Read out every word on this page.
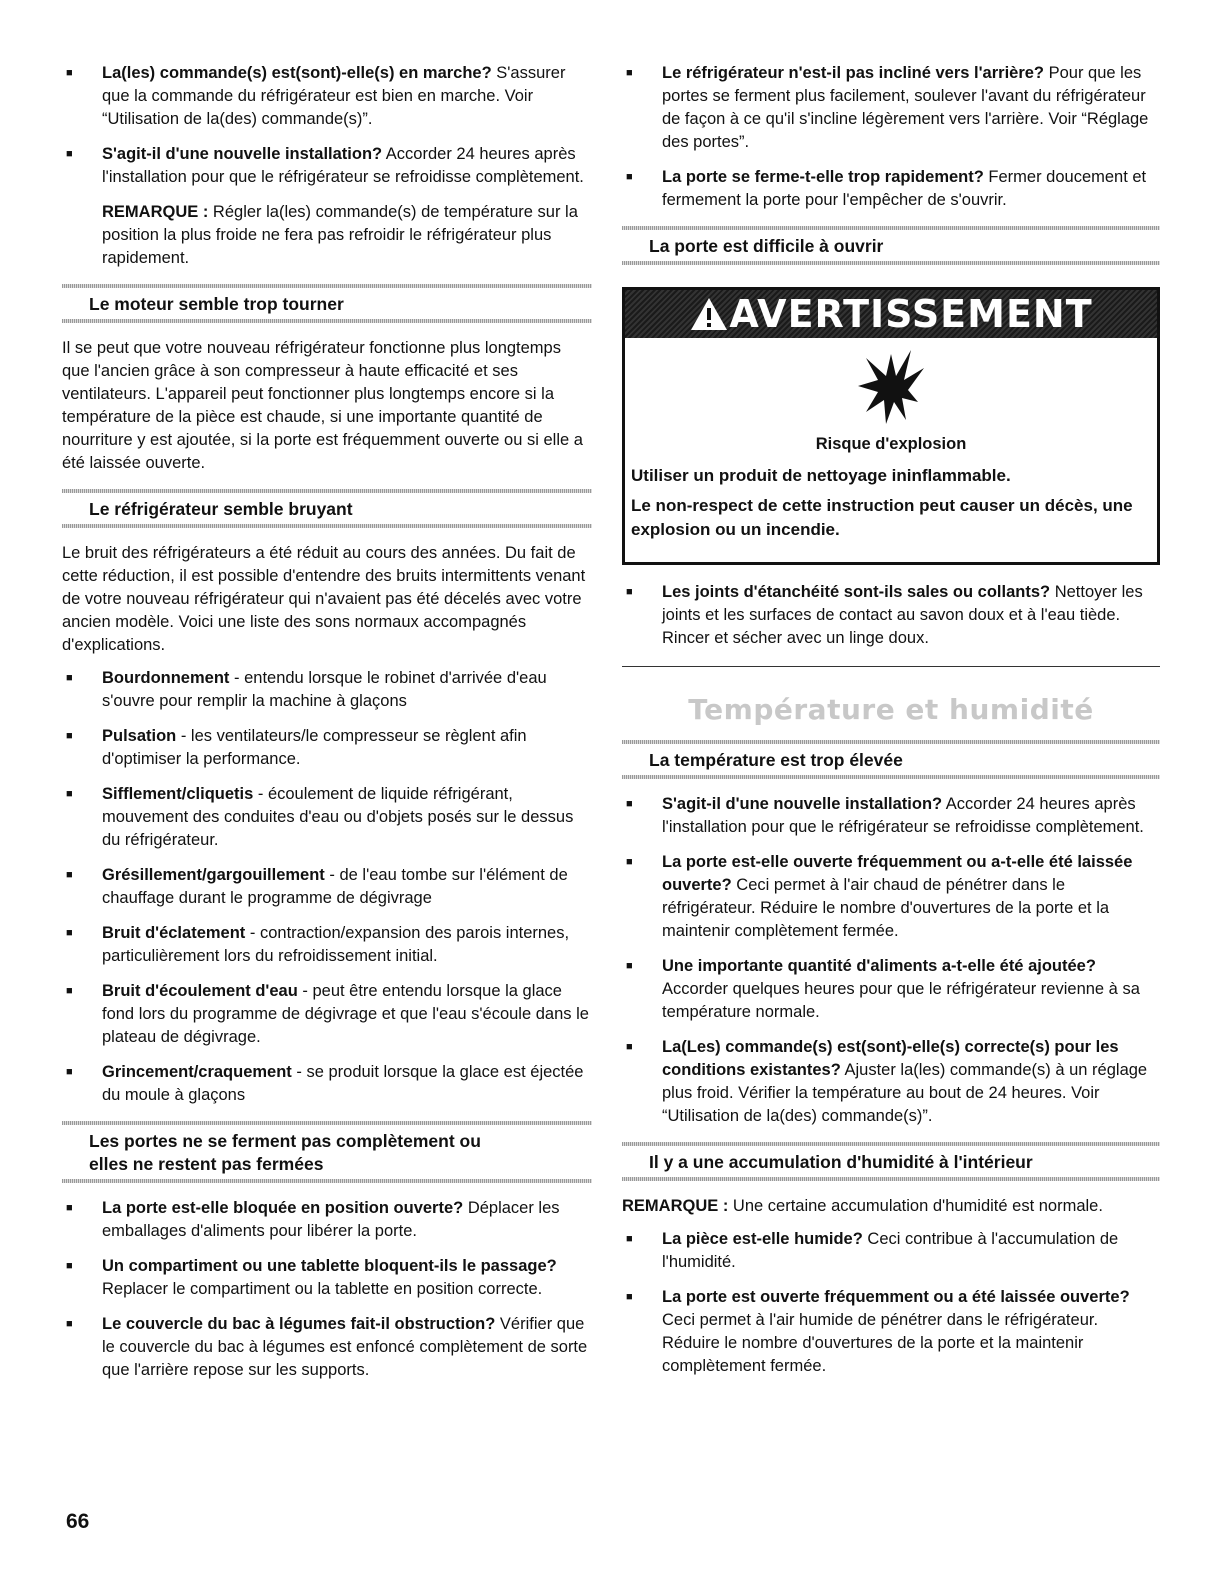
■ La(les) commande(s) est(sont)-elle(s) en marche? S'assurer que la commande du réfrigérateur est bien en marche. Voir “Utilisation de la(des) commande(s)”.

■ S'agit-il d'une nouvelle installation? Accorder 24 heures après l'installation pour que le réfrigérateur se refroidisse complètement.

REMARQUE : Régler la(les) commande(s) de température sur la position la plus froide ne fera pas refroidir le réfrigérateur plus rapidement.

Le moteur semble trop tourner

Il se peut que votre nouveau réfrigérateur fonctionne plus longtemps que l'ancien grâce à son compresseur à haute efficacité et ses ventilateurs. L'appareil peut fonctionner plus longtemps encore si la température de la pièce est chaude, si une importante quantité de nourriture y est ajoutée, si la porte est fréquemment ouverte ou si elle a été laissée ouverte.

Le réfrigérateur semble bruyant

Le bruit des réfrigérateurs a été réduit au cours des années. Du fait de cette réduction, il est possible d'entendre des bruits intermittents venant de votre nouveau réfrigérateur qui n'avaient pas été décelés avec votre ancien modèle. Voici une liste des sons normaux accompagnés d'explications.

■ Bourdonnement - entendu lorsque le robinet d'arrivée d'eau s'ouvre pour remplir la machine à glaçons

■ Pulsation - les ventilateurs/le compresseur se règlent afin d'optimiser la performance.

■ Sifflement/cliquetis - écoulement de liquide réfrigérant, mouvement des conduites d'eau ou d'objets posés sur le dessus du réfrigérateur.

■ Grésillement/gargouillement - de l'eau tombe sur l'élément de chauffage durant le programme de dégivrage

■ Bruit d'éclatement - contraction/expansion des parois internes, particulièrement lors du refroidissement initial.

■ Bruit d'écoulement d'eau - peut être entendu lorsque la glace fond lors du programme de dégivrage et que l'eau s'écoule dans le plateau de dégivrage.

■ Grincement/craquement - se produit lorsque la glace est éjectée du moule à glaçons

Les portes ne se ferment pas complètement ou
elles ne restent pas fermées

■ La porte est-elle bloquée en position ouverte? Déplacer les emballages d'aliments pour libérer la porte.

■ Un compartiment ou une tablette bloquent-ils le passage? Replacer le compartiment ou la tablette en position correcte.

■ Le couvercle du bac à légumes fait-il obstruction? Vérifier que le couvercle du bac à légumes est enfoncé complètement de sorte que l'arrière repose sur les supports.

■ Le réfrigérateur n'est-il pas incliné vers l'arrière? Pour que les portes se ferment plus facilement, soulever l'avant du réfrigérateur de façon à ce qu'il s'incline légèrement vers l'arrière. Voir “Réglage des portes”.

■ La porte se ferme-t-elle trop rapidement? Fermer doucement et fermement la porte pour l'empêcher de s'ouvrir.

La porte est difficile à ouvrir
AVERTISSEMENT
Risque d'explosion
Utiliser un produit de nettoyage ininflammable.
Le non-respect de cette instruction peut causer un décès, une explosion ou un incendie.

■ Les joints d'étanchéité sont-ils sales ou collants? Nettoyer les joints et les surfaces de contact au savon doux et à l'eau tiède. Rincer et sécher avec un linge doux.

Température et humidité
La température est trop élevée

■ S'agit-il d'une nouvelle installation? Accorder 24 heures après l'installation pour que le réfrigérateur se refroidisse complètement.

■ La porte est-elle ouverte fréquemment ou a-t-elle été laissée ouverte? Ceci permet à l'air chaud de pénétrer dans le réfrigérateur. Réduire le nombre d'ouvertures de la porte et la maintenir complètement fermée.

■ Une importante quantité d'aliments a-t-elle été ajoutée? Accorder quelques heures pour que le réfrigérateur revienne à sa température normale.

■ La(Les) commande(s) est(sont)-elle(s) correcte(s) pour les conditions existantes? Ajuster la(les) commande(s) à un réglage plus froid. Vérifier la température au bout de 24 heures. Voir “Utilisation de la(des) commande(s)”.

Il y a une accumulation d'humidité à l'intérieur

REMARQUE : Une certaine accumulation d'humidité est normale.

■ La pièce est-elle humide? Ceci contribue à l'accumulation de l'humidité.

■ La porte est ouverte fréquemment ou a été laissée ouverte? Ceci permet à l'air humide de pénétrer dans le réfrigérateur. Réduire le nombre d'ouvertures de la porte et la maintenir complètement fermée.

66
